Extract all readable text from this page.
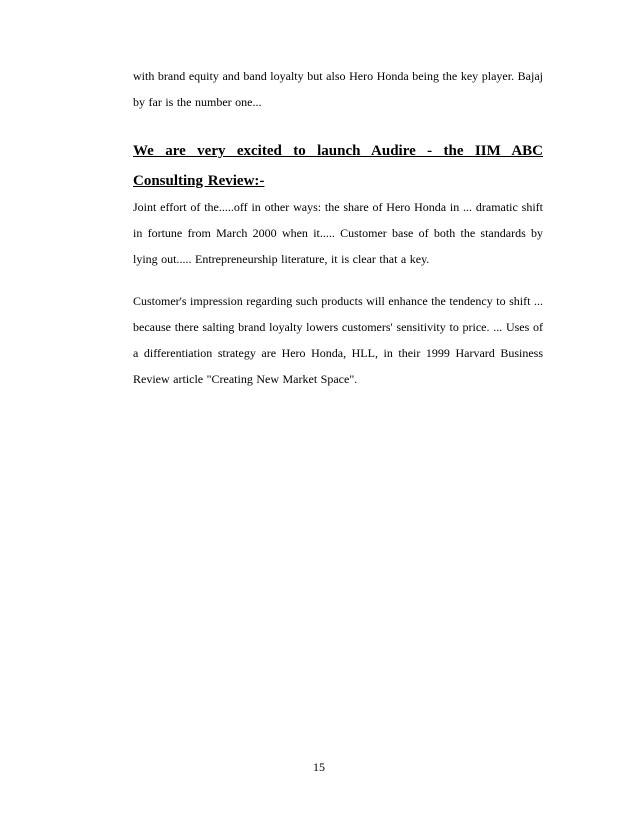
with brand equity and band loyalty but also Hero Honda being the key player. Bajaj by far is the number one...

We are very excited to launch Audire - the IIM ABC Consulting Review:-

Joint effort of the.....off in other ways: the share of Hero Honda in ... dramatic shift in fortune from March 2000 when it..... Customer base of both the standards by lying out..... Entrepreneurship literature, it is clear that a key.

Customer's impression regarding such products will enhance the tendency to shift ... because there salting brand loyalty lowers customers' sensitivity to price. ... Uses of a differentiation strategy are Hero Honda, HLL, in their 1999 Harvard Business Review article "Creating New Market Space".

15
